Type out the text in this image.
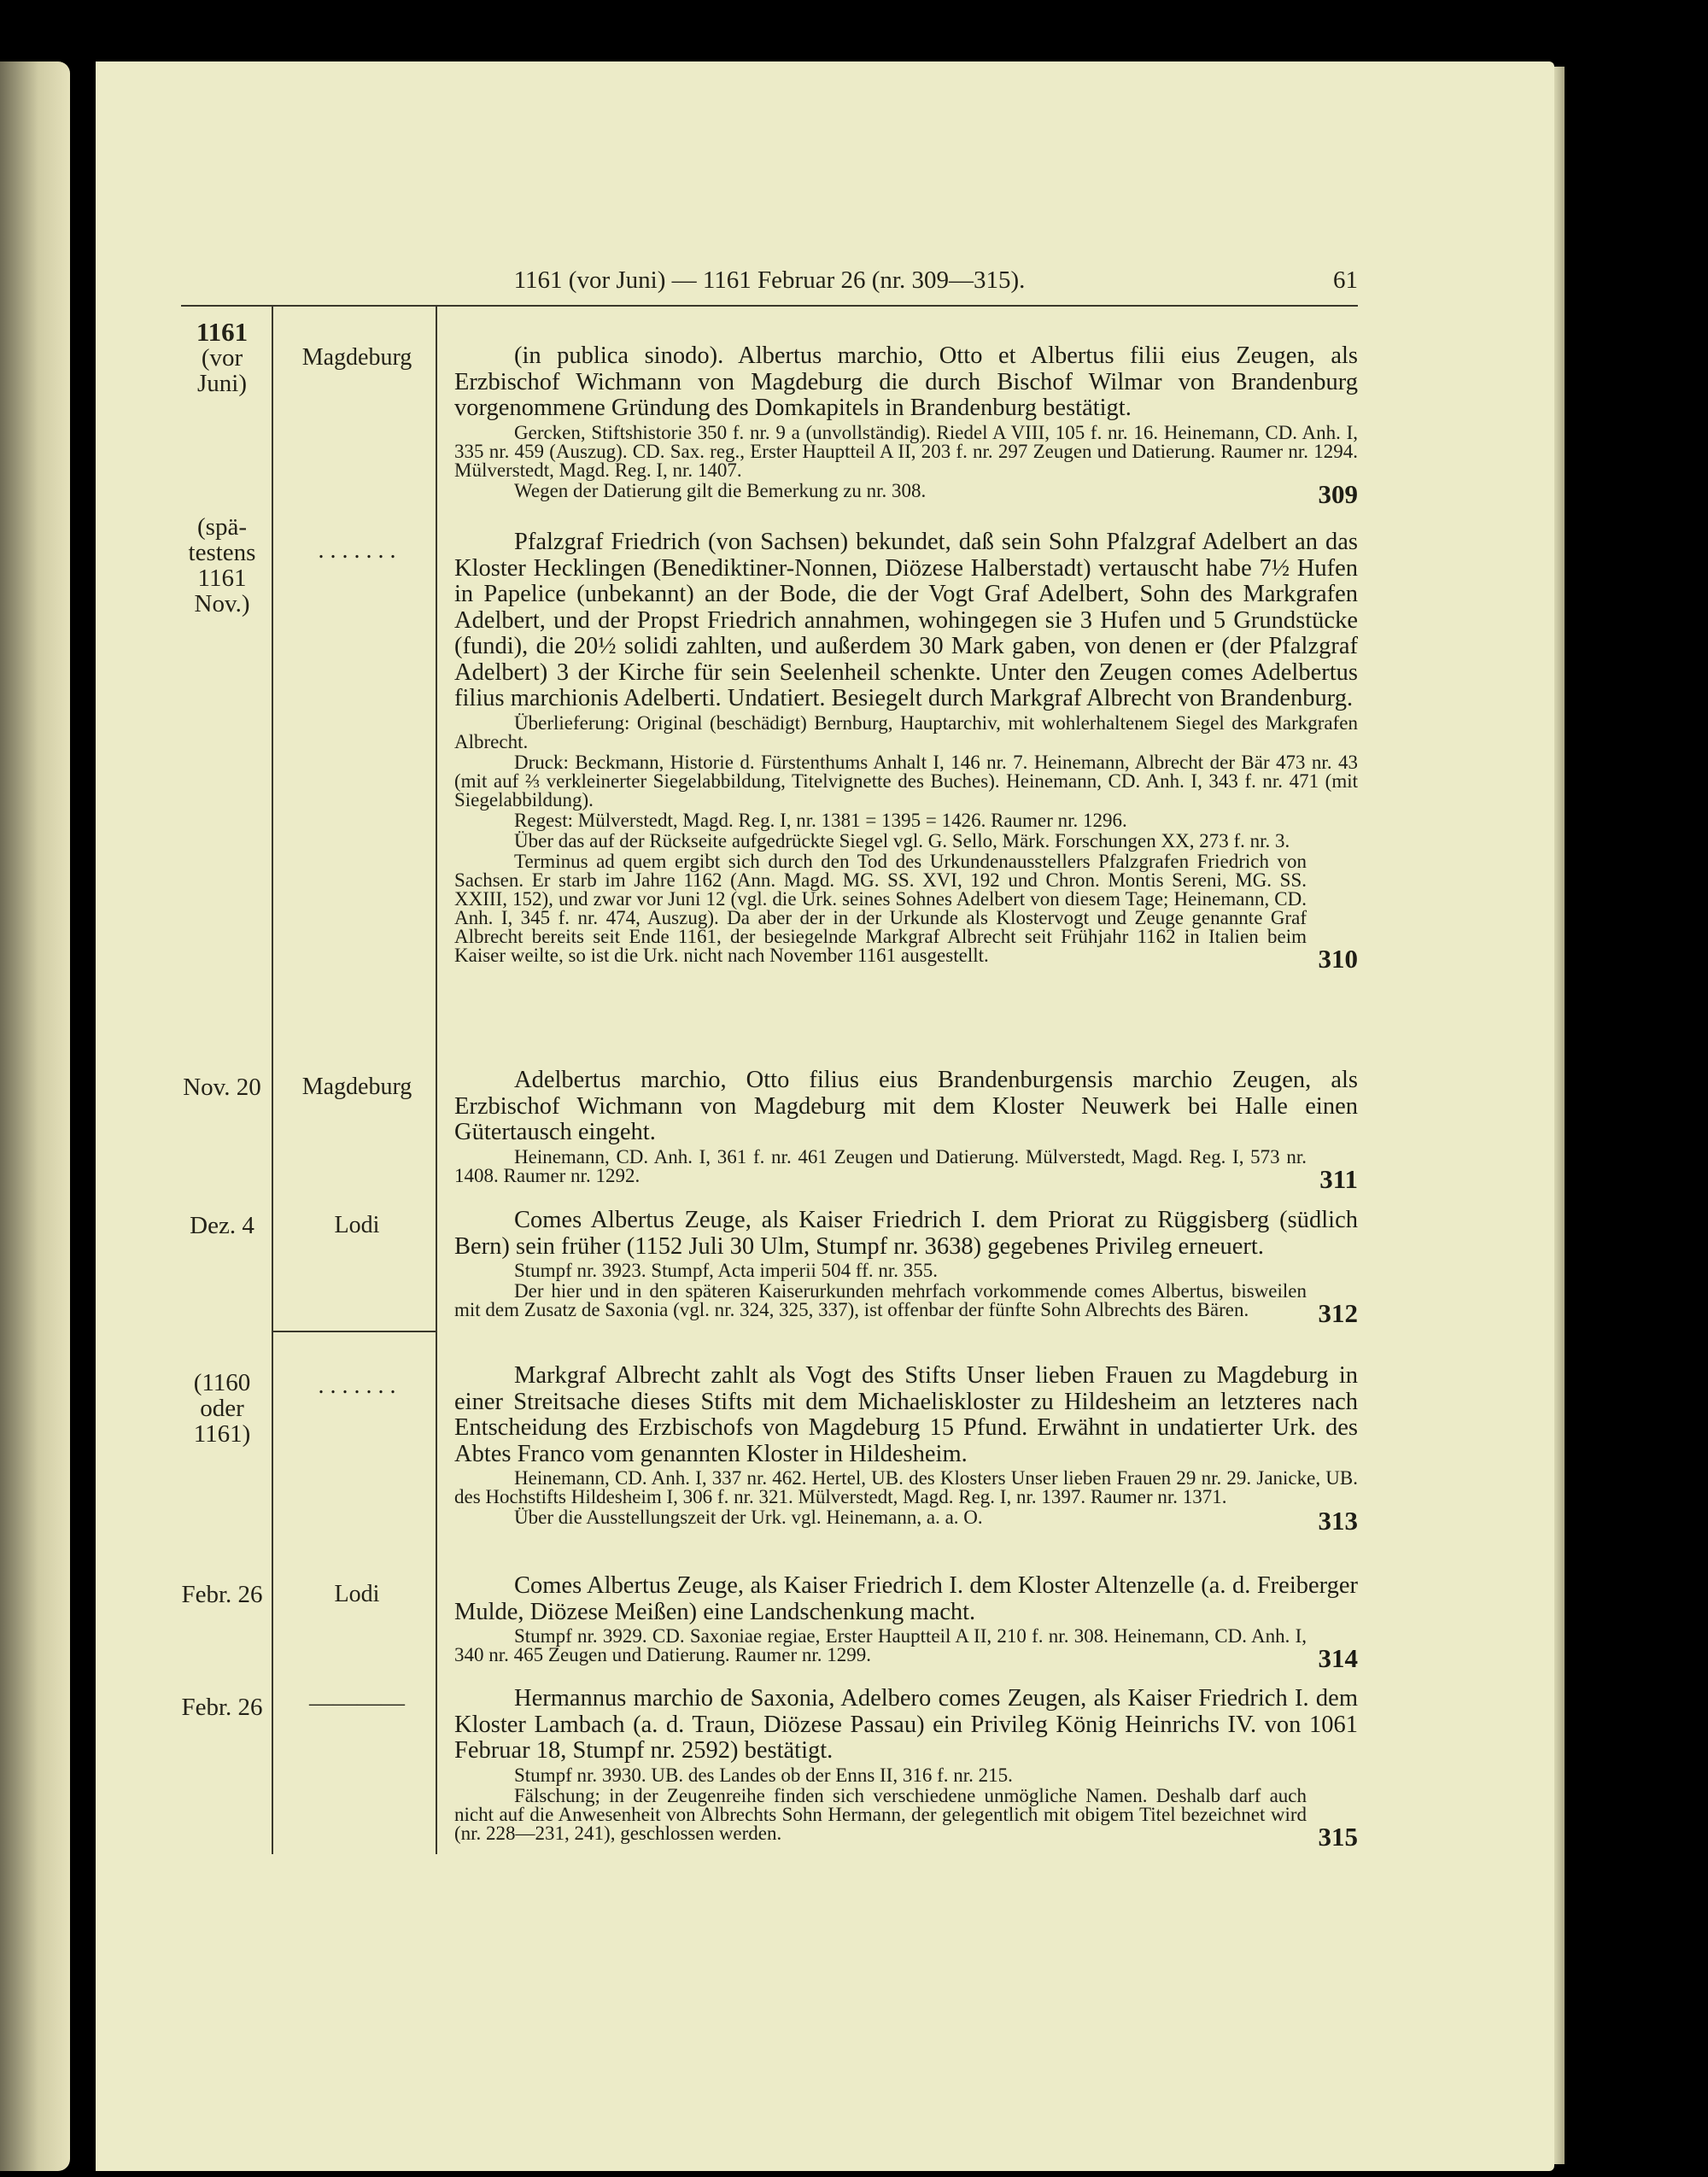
1161 (vor Juni) — 1161 Februar 26 (nr. 309—315).	61
1161
(vor
Juni)
Magdeburg	(in publica sinodo). Albertus marchio, Otto et Albertus filii eius Zeugen, als Erzbischof Wichmann von Magdeburg die durch Bischof Wilmar von Brandenburg vorgenommene Gründung des Domkapitels in Brandenburg bestätigt.

Gercken, Stiftshistorie 350 f. nr. 9 a (unvollständig). Riedel A VIII, 105 f. nr. 16. Heinemann, CD. Anh. I, 335 nr. 459 (Auszug). CD. Sax. reg., Erster Hauptteil A II, 203 f. nr. 297 Zeugen und Datierung. Raumer nr. 1294. Mülverstedt, Magd. Reg. I, nr. 1407.

Wegen der Datierung gilt die Bemerkung zu nr. 308.	309

(spä-
testens
1161
Nov.)
. . . . . . .	Pfalzgraf Friedrich (von Sachsen) bekundet, daß sein Sohn Pfalzgraf Adelbert an das Kloster Hecklingen (Benediktiner-Nonnen, Diözese Halberstadt) vertauscht habe 7½ Hufen in Papelice (unbekannt) an der Bode, die der Vogt Graf Adelbert, Sohn des Markgrafen Adelbert, und der Propst Friedrich annahmen, wohingegen sie 3 Hufen und 5 Grundstücke (fundi), die 20½ solidi zahlten, und außerdem 30 Mark gaben, von denen er (der Pfalzgraf Adelbert) 3 der Kirche für sein Seelenheil schenkte. Unter den Zeugen comes Adelbertus filius marchionis Adelberti. Undatiert. Besiegelt durch Markgraf Albrecht von Brandenburg.

Überlieferung: Original (beschädigt) Bernburg, Hauptarchiv, mit wohlerhaltenem Siegel des Markgrafen Albrecht.

Druck: Beckmann, Historie d. Fürstenthums Anhalt I, 146 nr. 7. Heinemann, Albrecht der Bär 473 nr. 43 (mit auf ⅔ verkleinerter Siegelabbildung, Titelvignette des Buches). Heinemann, CD. Anh. I, 343 f. nr. 471 (mit Siegelabbildung).

Regest: Mülverstedt, Magd. Reg. I, nr. 1381 = 1395 = 1426. Raumer nr. 1296.

Über das auf der Rückseite aufgedrückte Siegel vgl. G. Sello, Märk. Forschungen XX, 273 f. nr. 3.

Terminus ad quem ergibt sich durch den Tod des Urkundenausstellers Pfalzgrafen Friedrich von Sachsen. Er starb im Jahre 1162 (Ann. Magd. MG. SS. XVI, 192 und Chron. Montis Sereni, MG. SS. XXIII, 152), und zwar vor Juni 12 (vgl. die Urk. seines Sohnes Adelbert von diesem Tage; Heinemann, CD. Anh. I, 345 f. nr. 474, Auszug). Da aber der in der Urkunde als Klostervogt und Zeuge genannte Graf Albrecht bereits seit Ende 1161, der besiegelnde Markgraf Albrecht seit Frühjahr 1162 in Italien beim Kaiser weilte, so ist die Urk. nicht nach November 1161 ausgestellt.	310

Nov. 20	Magdeburg	Adelbertus marchio, Otto filius eius Brandenburgensis marchio Zeugen, als Erzbischof Wichmann von Magdeburg mit dem Kloster Neuwerk bei Halle einen Gütertausch eingeht.

Heinemann, CD. Anh. I, 361 f. nr. 461 Zeugen und Datierung. Mülverstedt, Magd. Reg. I, 573 nr. 1408. Raumer nr. 1292.	311

Dez. 4	Lodi	Comes Albertus Zeuge, als Kaiser Friedrich I. dem Priorat zu Rüggisberg (südlich Bern) sein früher (1152 Juli 30 Ulm, Stumpf nr. 3638) gegebenes Privileg erneuert.

Stumpf nr. 3923. Stumpf, Acta imperii 504 ff. nr. 355.

Der hier und in den späteren Kaiserurkunden mehrfach vorkommende comes Albertus, bisweilen mit dem Zusatz de Saxonia (vgl. nr. 324, 325, 337), ist offenbar der fünfte Sohn Albrechts des Bären.	312

(1160
oder
1161)
. . . . . . .	Markgraf Albrecht zahlt als Vogt des Stifts Unser lieben Frauen zu Magdeburg in einer Streitsache dieses Stifts mit dem Michaeliskloster zu Hildesheim an letzteres nach Entscheidung des Erzbischofs von Magdeburg 15 Pfund. Erwähnt in undatierter Urk. des Abtes Franco vom genannten Kloster in Hildesheim.

Heinemann, CD. Anh. I, 337 nr. 462. Hertel, UB. des Klosters Unser lieben Frauen 29 nr. 29. Janicke, UB. des Hochstifts Hildesheim I, 306 f. nr. 321. Mülverstedt, Magd. Reg. I, nr. 1397. Raumer nr. 1371.

Über die Ausstellungszeit der Urk. vgl. Heinemann, a. a. O.	313

Febr. 26	Lodi	Comes Albertus Zeuge, als Kaiser Friedrich I. dem Kloster Altenzelle (a. d. Freiberger Mulde, Diözese Meißen) eine Landschenkung macht.

Stumpf nr. 3929. CD. Saxoniae regiae, Erster Hauptteil A II, 210 f. nr. 308. Heinemann, CD. Anh. I, 340 nr. 465 Zeugen und Datierung. Raumer nr. 1299.	314

Febr. 26	————	Hermannus marchio de Saxonia, Adelbero comes Zeugen, als Kaiser Friedrich I. dem Kloster Lambach (a. d. Traun, Diözese Passau) ein Privileg König Heinrichs IV. von 1061 Februar 18, Stumpf nr. 2592) bestätigt.

Stumpf nr. 3930. UB. des Landes ob der Enns II, 316 f. nr. 215.

Fälschung; in der Zeugenreihe finden sich verschiedene unmögliche Namen. Deshalb darf auch nicht auf die Anwesenheit von Albrechts Sohn Hermann, der gelegentlich mit obigem Titel bezeichnet wird (nr. 228—231, 241), geschlossen werden.	315
